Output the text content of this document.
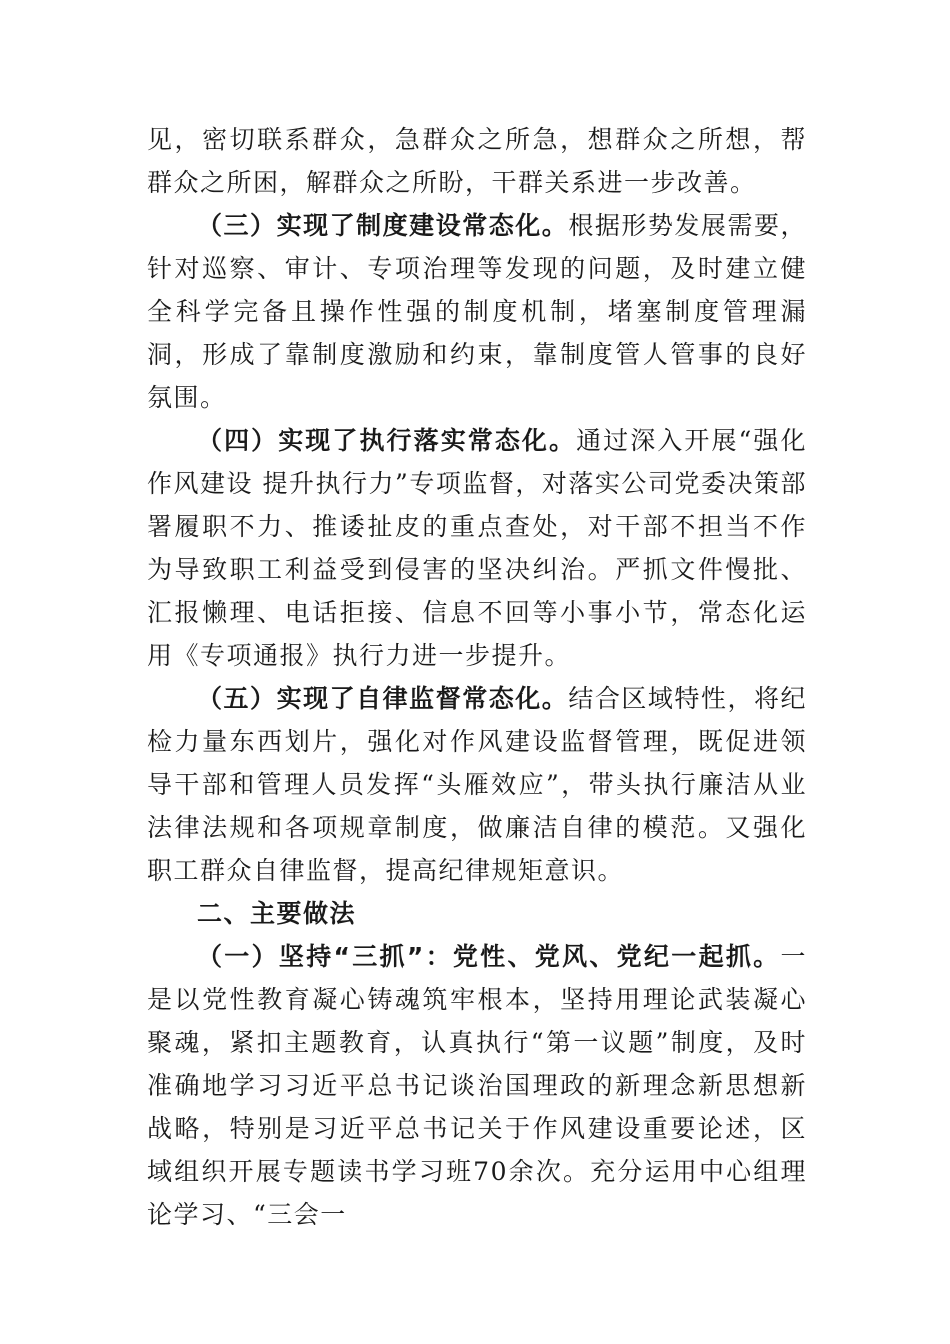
见，密切联系群众，急群众之所急，想群众之所想，帮群众之所困，解群众之所盼，干群关系进一步改善。

（三）实现了制度建设常态化。根据形势发展需要，针对巡察、审计、专项治理等发现的问题，及时建立健全科学完备且操作性强的制度机制，堵塞制度管理漏洞，形成了靠制度激励和约束，靠制度管人管事的良好氛围。

（四）实现了执行落实常态化。通过深入开展“强化作风建设 提升执行力”专项监督，对落实公司党委决策部署履职不力、推诿扯皮的重点查处，对干部不担当不作为导致职工利益受到侵害的坚决纠治。严抓文件慢批、汇报懒理、电话拒接、信息不回等小事小节，常态化运用《专项通报》执行力进一步提升。

（五）实现了自律监督常态化。结合区域特性，将纪检力量东西划片，强化对作风建设监督管理，既促进领导干部和管理人员发挥“头雁效应”，带头执行廉洁从业法律法规和各项规章制度，做廉洁自律的模范。又强化职工群众自律监督，提高纪律规矩意识。

二、主要做法

（一）坚持“三抓”：党性、党风、党纪一起抓。一是以党性教育凝心铸魂筑牢根本，坚持用理论武装凝心聚魂，紧扣主题教育，认真执行“第一议题”制度，及时准确地学习习近平总书记谈治国理政的新理念新思想新战略，特别是习近平总书记关于作风建设重要论述，区域组织开展专题读书学习班70余次。充分运用中心组理论学习、“三会一
